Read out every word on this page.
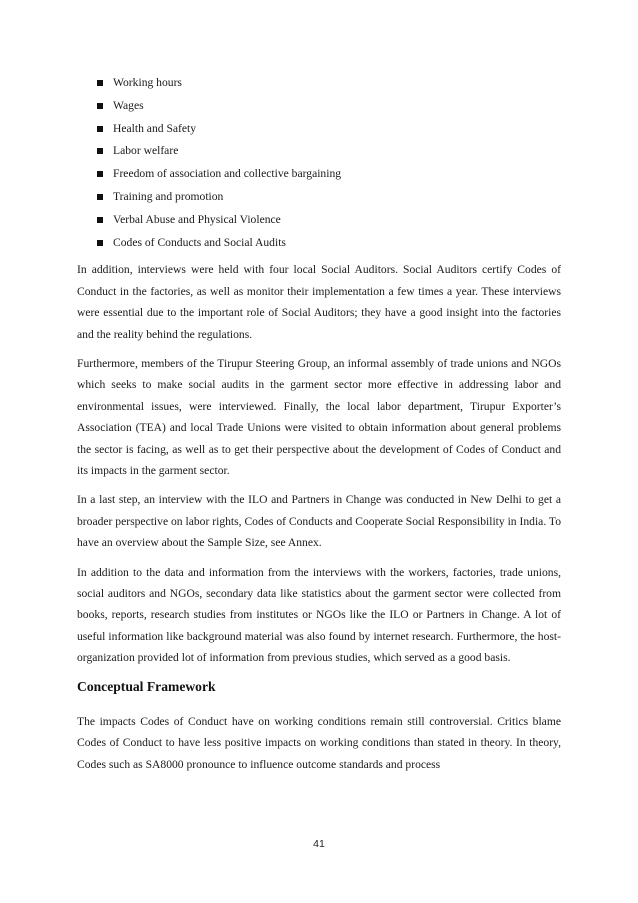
Working hours
Wages
Health and Safety
Labor welfare
Freedom of association and collective bargaining
Training and promotion
Verbal Abuse and Physical Violence
Codes of Conducts and Social Audits

In addition, interviews were held with four local Social Auditors. Social Auditors certify Codes of Conduct in the factories, as well as monitor their implementation a few times a year. These interviews were essential due to the important role of Social Auditors; they have a good insight into the factories and the reality behind the regulations.

Furthermore, members of the Tirupur Steering Group, an informal assembly of trade unions and NGOs which seeks to make social audits in the garment sector more effective in addressing labor and environmental issues, were interviewed. Finally, the local labor department, Tirupur Exporter’s Association (TEA) and local Trade Unions were visited to obtain information about general problems the sector is facing, as well as to get their perspective about the development of Codes of Conduct and its impacts in the garment sector.

In a last step, an interview with the ILO and Partners in Change was conducted in New Delhi to get a broader perspective on labor rights, Codes of Conducts and Cooperate Social Responsibility in India. To have an overview about the Sample Size, see Annex.

In addition to the data and information from the interviews with the workers, factories, trade unions, social auditors and NGOs, secondary data like statistics about the garment sector were collected from books, reports, research studies from institutes or NGOs like the ILO or Partners in Change. A lot of useful information like background material was also found by internet research. Furthermore, the host-organization provided lot of information from previous studies, which served as a good basis.

Conceptual Framework

The impacts Codes of Conduct have on working conditions remain still controversial. Critics blame Codes of Conduct to have less positive impacts on working conditions than stated in theory. In theory, Codes such as SA8000 pronounce to influence outcome standards and process

41
